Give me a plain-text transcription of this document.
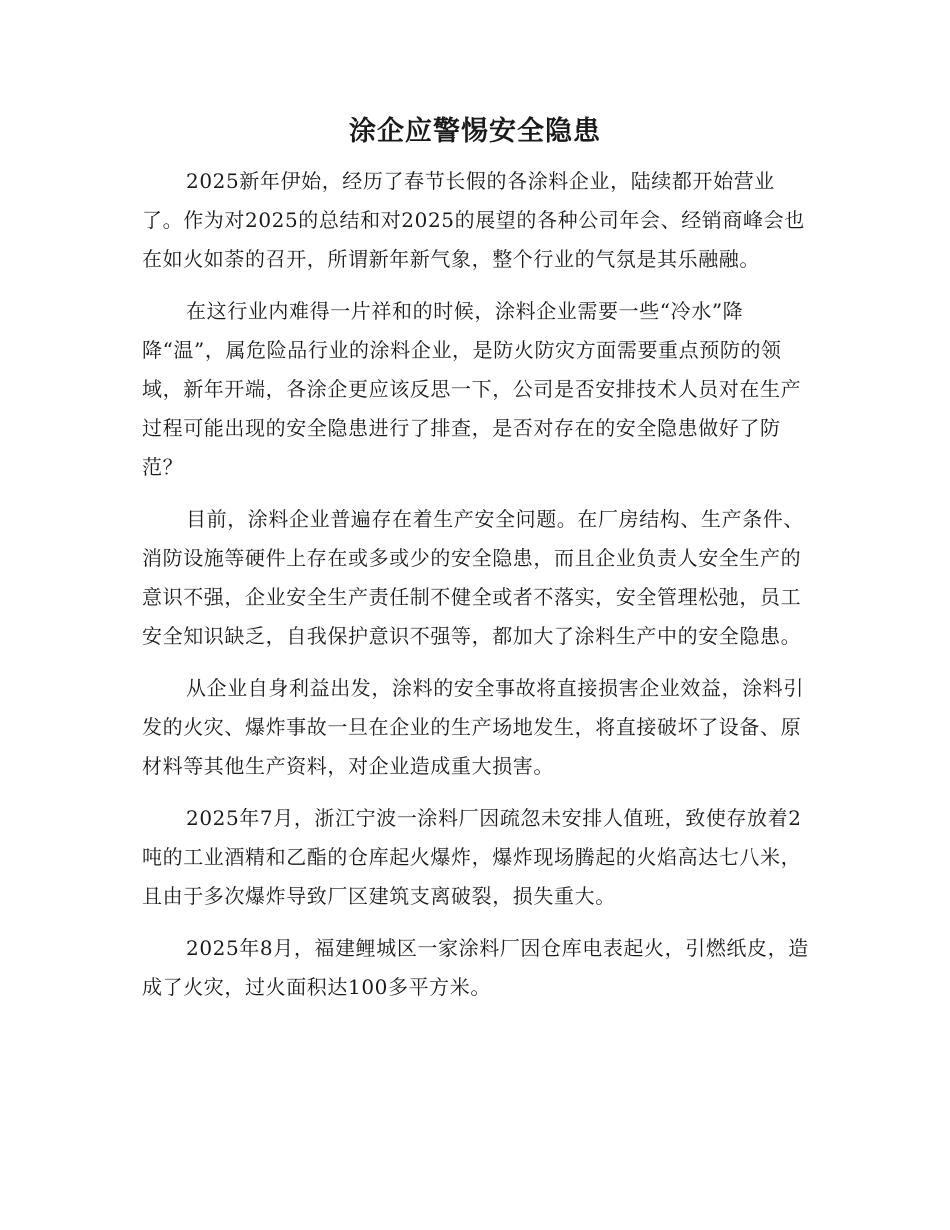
涂企应警惕安全隐患

2025新年伊始，经历了春节长假的各涂料企业，陆续都开始营业了。作为对2025的总结和对2025的展望的各种公司年会、经销商峰会也在如火如荼的召开，所谓新年新气象，整个行业的气氛是其乐融融。

在这行业内难得一片祥和的时候，涂料企业需要一些“冷水”降降“温”，属危险品行业的涂料企业，是防火防灾方面需要重点预防的领域，新年开端，各涂企更应该反思一下，公司是否安排技术人员对在生产过程可能出现的安全隐患进行了排查，是否对存在的安全隐患做好了防范？

目前，涂料企业普遍存在着生产安全问题。在厂房结构、生产条件、消防设施等硬件上存在或多或少的安全隐患，而且企业负责人安全生产的意识不强，企业安全生产责任制不健全或者不落实，安全管理松弛，员工安全知识缺乏，自我保护意识不强等，都加大了涂料生产中的安全隐患。

从企业自身利益出发，涂料的安全事故将直接损害企业效益，涂料引发的火灾、爆炸事故一旦在企业的生产场地发生，将直接破坏了设备、原材料等其他生产资料，对企业造成重大损害。

2025年7月，浙江宁波一涂料厂因疏忽未安排人值班，致使存放着2吨的工业酒精和乙酯的仓库起火爆炸，爆炸现场腾起的火焰高达七八米，且由于多次爆炸导致厂区建筑支离破裂，损失重大。

2025年8月，福建鲤城区一家涂料厂因仓库电表起火，引燃纸皮，造成了火灾，过火面积达100多平方米。
